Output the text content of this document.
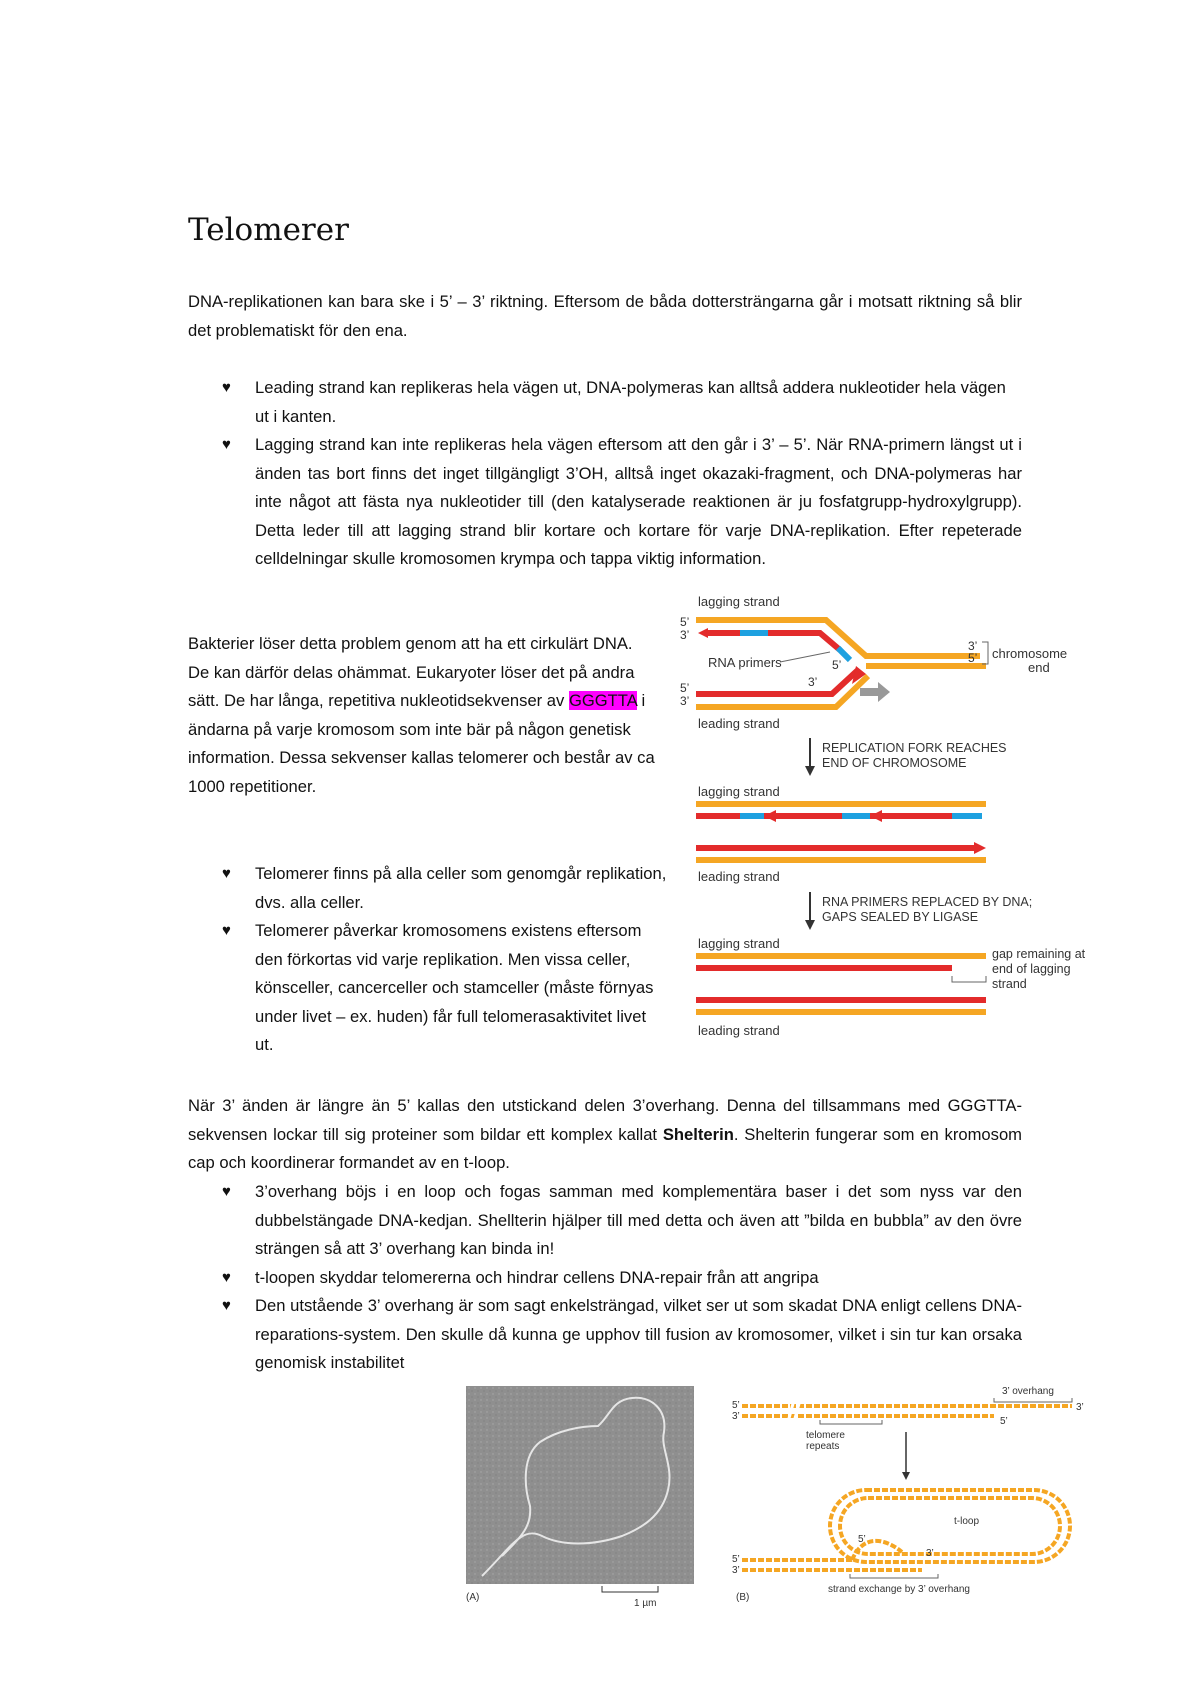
Telomerer

DNA-replikationen kan bara ske i 5’ – 3’ riktning. Eftersom de båda dottersträngarna går i motsatt riktning så blir det problematiskt för den ena.

♥ Leading strand kan replikeras hela vägen ut, DNA-polymeras kan alltså addera nukleotider hela vägen ut i kanten.
♥ Lagging strand kan inte replikeras hela vägen eftersom att den går i 3’ – 5’. När RNA-primern längst ut i änden tas bort finns det inget tillgängligt 3’OH, alltså inget okazaki-fragment, och DNA-polymeras har inte något att fästa nya nukleotider till (den katalyserade reaktionen är ju fosfatgrupp-hydroxylgrupp). Detta leder till att lagging strand blir kortare och kortare för varje DNA-replikation. Efter repeterade celldelningar skulle kromosomen krympa och tappa viktig information.

Bakterier löser detta problem genom att ha ett cirkulärt DNA. De kan därför delas ohämmat. Eukaryoter löser det på andra sätt. De har långa, repetitiva nukleotidsekvenser av GGGTTA i ändarna på varje kromosom som inte bär på någon genetisk information. Dessa sekvenser kallas telomerer och består av ca 1000 repetitioner.

♥ Telomerer finns på alla celler som genomgår replikation, dvs. alla celler.
♥ Telomerer påverkar kromosomens existens eftersom den förkortas vid varje replikation. Men vissa celler, könsceller, cancerceller och stamceller (måste förnyas under livet – ex. huden) får full telomerasaktivitet livet ut.
lagging strand
5’
3’
RNA primers	5’
3’
3’
5’ chromosome
end
5’
3’
leading strand
REPLICATION FORK REACHES
END OF CHROMOSOME
lagging strand
leading strand
RNA PRIMERS REPLACED BY DNA;
GAPS SEALED BY LIGASE
lagging strand
gap remaining at
end of lagging
strand
leading strand

När 3’ änden är längre än 5’ kallas den utstickand delen 3’overhang. Denna del tillsammans med GGGTTA-sekvensen lockar till sig proteiner som bildar ett komplex kallat Shelterin. Shelterin fungerar som en kromosom cap och koordinerar formandet av en t-loop.

♥ 3’overhang böjs i en loop och fogas samman med komplementära baser i det som nyss var den dubbelstängade DNA-kedjan. Shellterin hjälper till med detta och även att ”bilda en bubbla” av den övre strängen så att 3’ overhang kan binda in!
♥ t-loopen skyddar telomererna och hindrar cellens DNA-repair från att angripa
♥ Den utstående 3’ overhang är som sagt enkelsträngad, vilket ser ut som skadat DNA enligt cellens DNA-reparations-system. Den skulle då kunna ge upphov till fusion av kromosomer, vilket i sin tur kan orsaka genomisk instabilitet
(A)
1 µm
3’ overhang
5’
3’	5’
3’
telomere
repeats
t-loop
5’
3’
5’
3’
strand exchange by 3’ overhang
(B)
